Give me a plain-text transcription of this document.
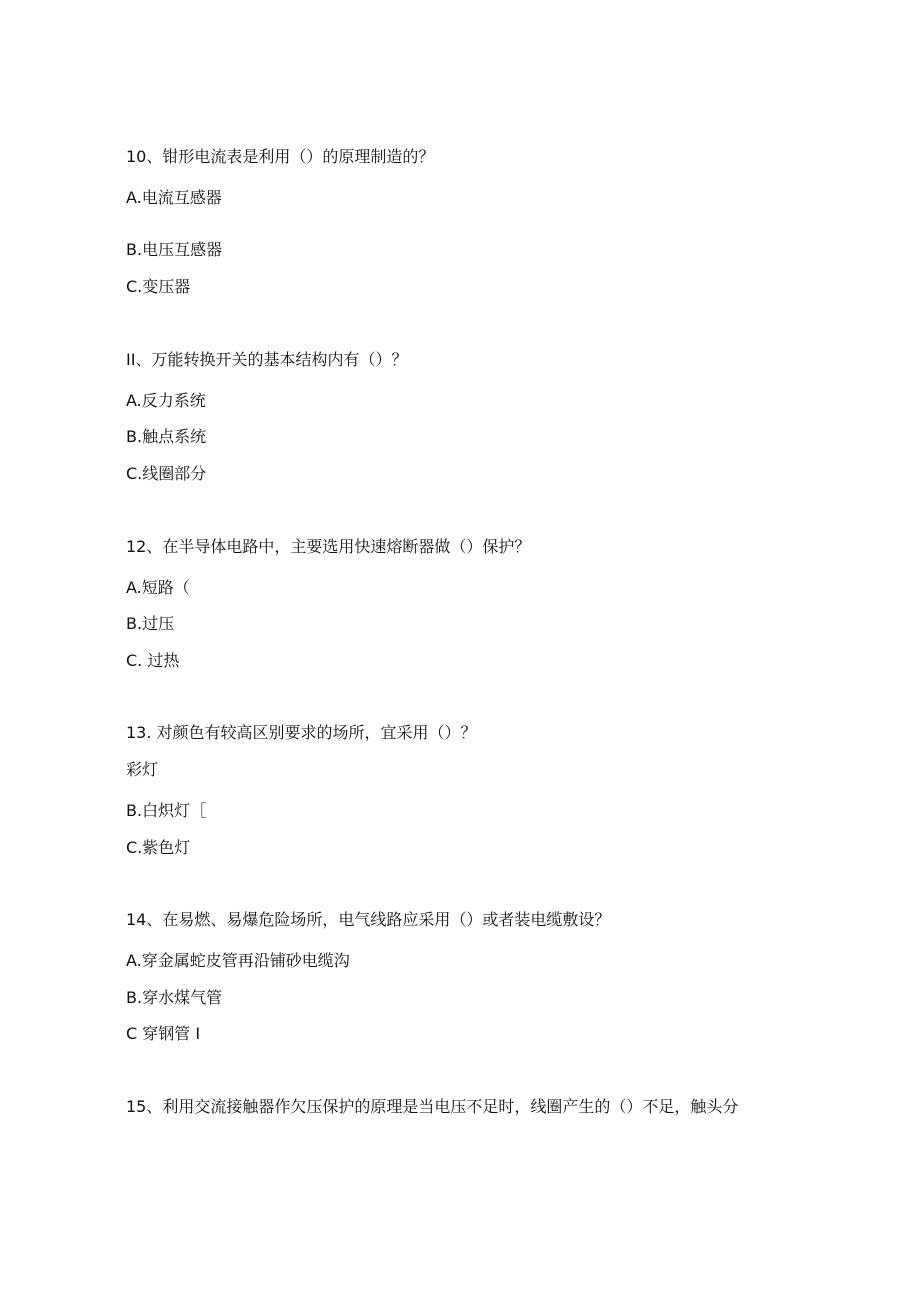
10、钳形电流表是利用（）的原理制造的？
A.电流互感器
B.电压互感器
C.变压器
II、万能转换开关的基本结构内有（）？
A.反力系统
B.触点系统
C.线圈部分
12、在半导体电路中，主要选用快速熔断器做（）保护？
A.短路（
B.过压
C. 过热
13. 对颜色有较高区别要求的场所，宜采用（）？
彩灯
B.白炽灯［
C.紫色灯
14、在易燃、易爆危险场所，电气线路应采用（）或者装电缆敷设？
A.穿金属蛇皮管再沿铺砂电缆沟
B.穿水煤气管
C 穿钢管 I
15、利用交流接触器作欠压保护的原理是当电压不足时，线圈产生的（）不足，触头分
